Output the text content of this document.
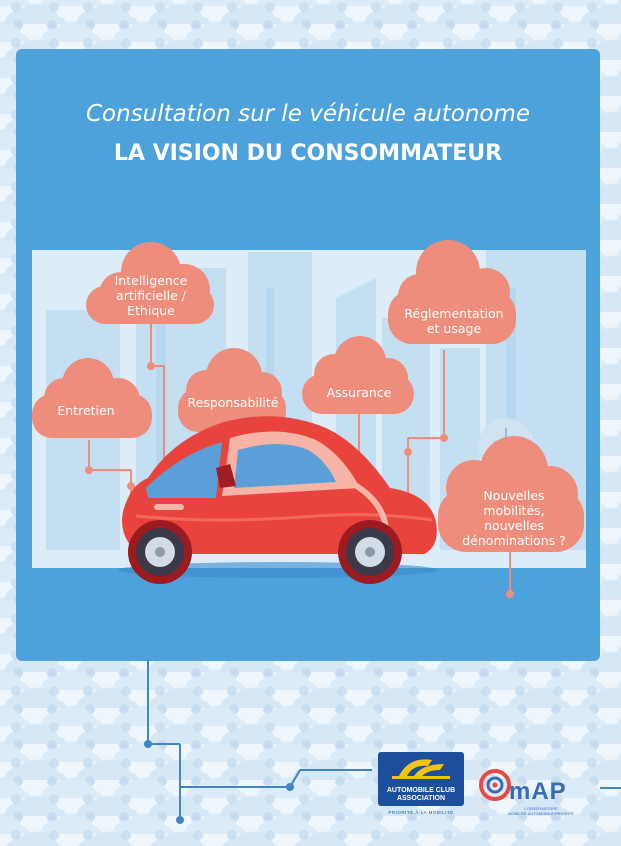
Consultation sur le véhicule autonome
LA VISION DU CONSOMMATEUR
Intelligence
artificielle /
Ethique
Entretien
Responsabilité
Assurance
Réglementation
et usage
Nouvelles
mobilités,
nouvelles
dénominations ?
AUTOMOBILE CLUB
ASSOCIATION
PRIORITÉ À LA MOBILITÉ
mAP
L'OBSERVATOIRE
MOBILITÉ AUTOMOBILE PRIORITÉ
